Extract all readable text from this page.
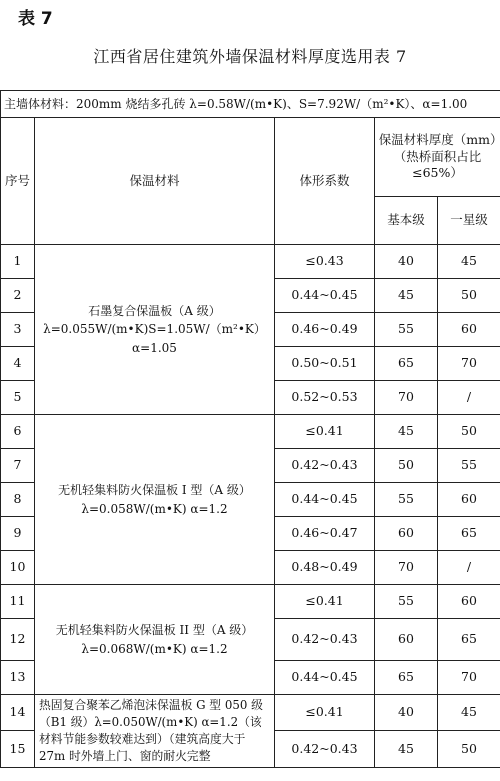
表 7
江西省居住建筑外墙保温材料厚度选用表 7
主墙体材料：200mm 烧结多孔砖 λ=0.58W/(m•K)、S=7.92W/（m²•K）、α=1.00				
序号	保温材料	体形系数	保温材料厚度（mm）（热桥面积占比≤65%）	
			基本级	一星级
1	石墨复合保温板（A 级）λ=0.055W/(m•K)S=1.05W/（m²•K）α=1.05	≤0.43	40	45
2		0.44~0.45	45	50
3		0.46~0.49	55	60
4		0.50~0.51	65	70
5		0.52~0.53	70	/
6	无机轻集料防火保温板 I 型（A 级）λ=0.058W/(m•K) α=1.2	≤0.41	45	50
7		0.42~0.43	50	55
8		0.44~0.45	55	60
9		0.46~0.47	60	65
10		0.48~0.49	70	/
11	无机轻集料防火保温板 II 型（A 级）λ=0.068W/(m•K) α=1.2	≤0.41	55	60
12		0.42~0.43	60	65
13		0.44~0.45	65	70
14	热固复合聚苯乙烯泡沫保温板 G 型 050 级（B1 级）λ=0.050W/(m•K) α=1.2（该材料节能参数较难达到）（建筑高度大于 27m 时外墙上门、窗的耐火完整	≤0.41	40	45
15		0.42~0.43	45	50
